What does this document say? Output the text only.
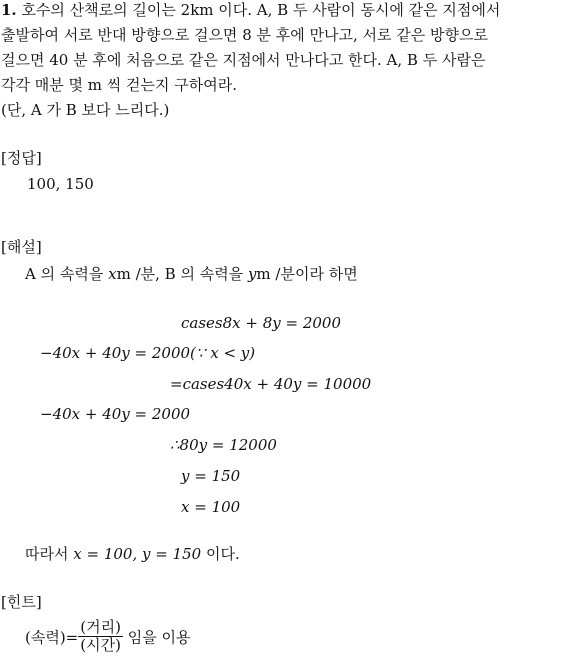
1. 호수의 산책로의 길이는 2km 이다. A, B 두 사람이 동시에 같은 지점에서
출발하여 서로 반대 방향으로 걸으면 8 분 후에 만나고, 서로 같은 방향으로
걸으면 40 분 후에 처음으로 같은 지점에서 만나다고 한다. A, B 두 사람은
각각 매분 몇 m 씩 걷는지 구하여라.
(단, A 가 B 보다 느리다.)
[정답]
100, 150
[해설]
A 의 속력을 xm /분, B 의 속력을 ym /분이라 하면
cases8x + 8y = 2000
−40x + 40y = 2000(∵ x < y)
=cases40x + 40y = 10000
−40x + 40y = 2000
∴80y = 12000
y = 150
x = 100
따라서 x = 100, y = 150 이다.
[힌트]
(속력)= $\frac{\text{(거리)}}{\text{(시간)}}$ 임을 이용
